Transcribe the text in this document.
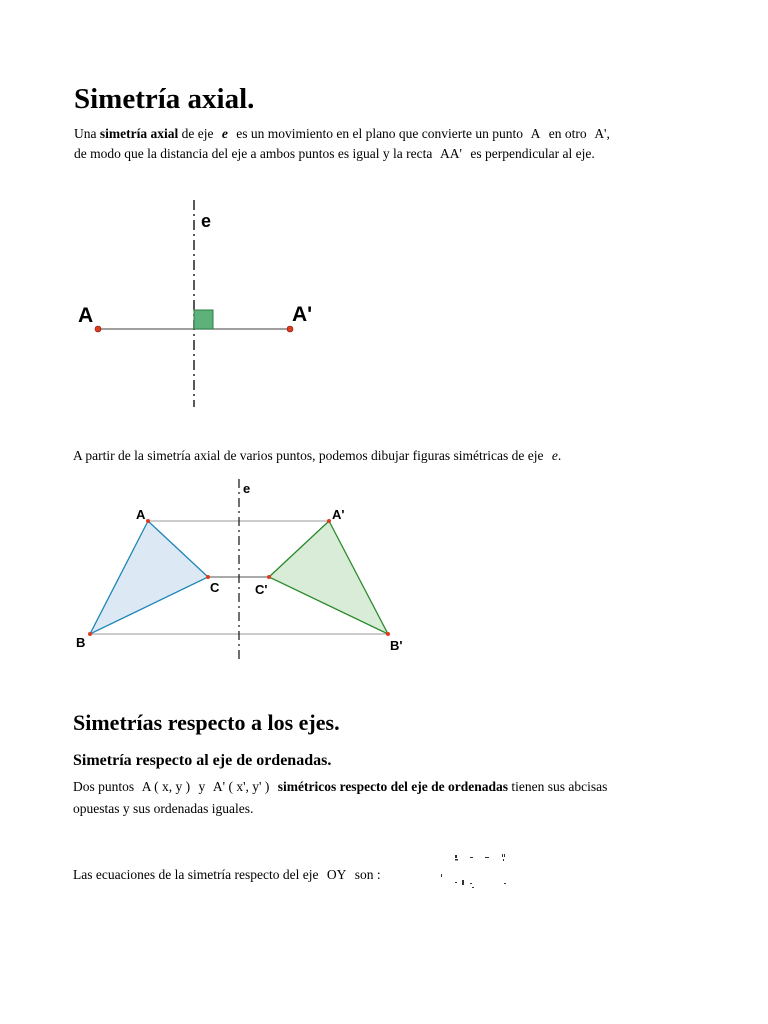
Simetría axial.
Una simetría axial de eje e es un movimiento en el plano que convierte un punto A en otro A',
de modo que la distancia del eje a ambos puntos es igual y la recta AA' es perpendicular al eje.
e
A	A'
A partir de la simetría axial de varios puntos, podemos dibujar figuras simétricas de eje e.
e
A
C
B
A'
C'
B'
Simetrías respecto a los ejes.
Simetría respecto al eje de ordenadas.
Dos puntos A ( x, y ) y A' ( x', y' ) simétricos respecto del eje de ordenadas tienen sus abcisas
opuestas y sus ordenadas iguales.
Las ecuaciones de la simetría respecto del eje OY son :
